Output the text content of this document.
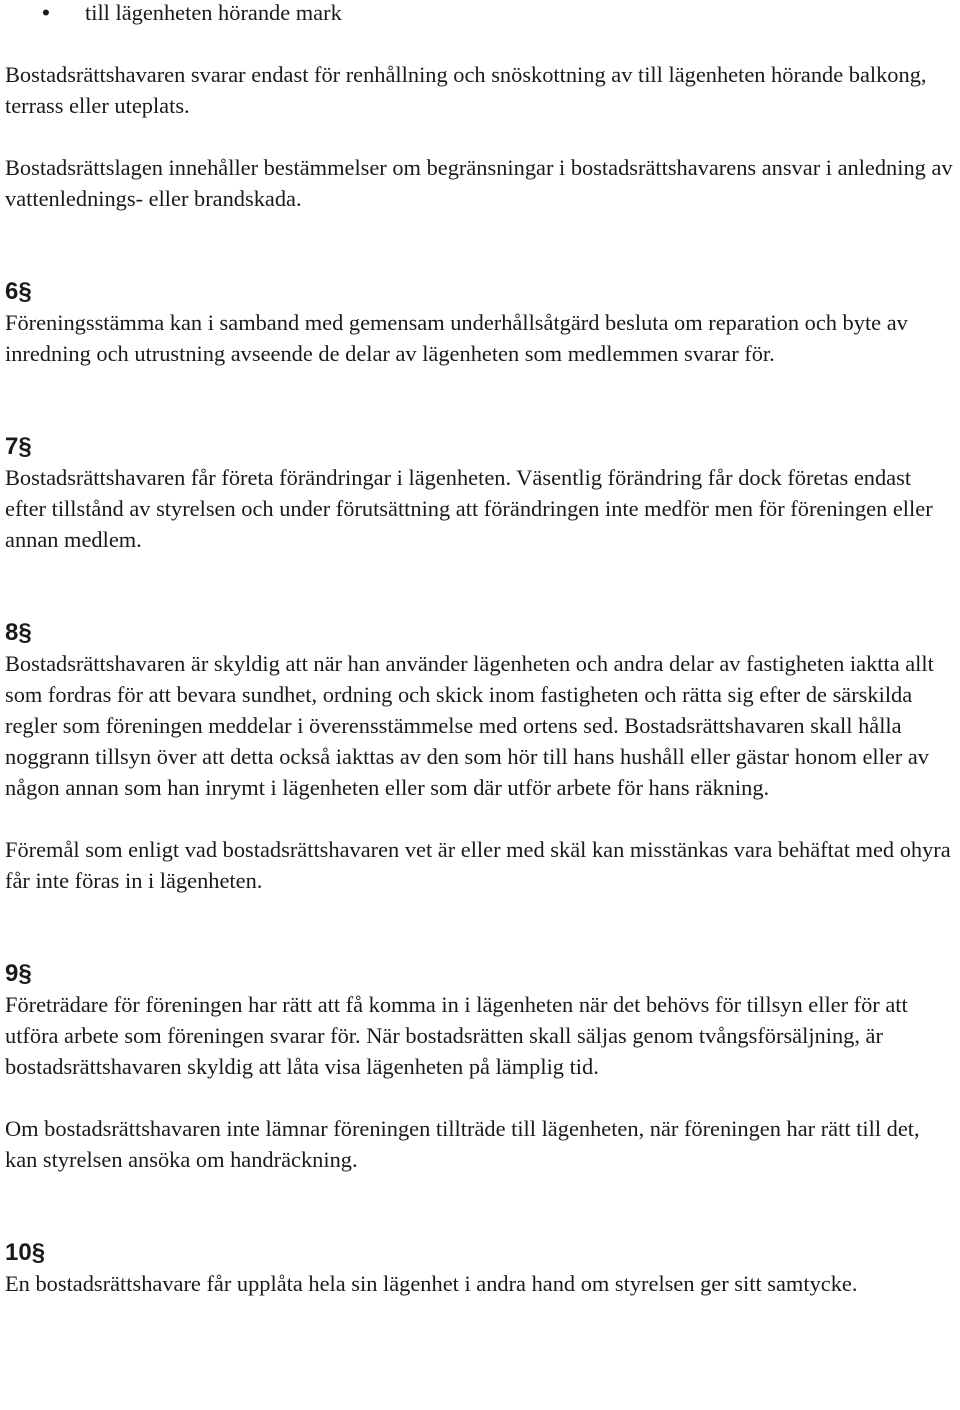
• till lägenheten hörande mark

Bostadsrättshavaren svarar endast för renhållning och snöskottning av till lägenheten hörande balkong, terrass eller uteplats.

Bostadsrättslagen innehåller bestämmelser om begränsningar i bostadsrättshavarens ansvar i anledning av vattenlednings- eller brandskada.

6§

Föreningsstämma kan i samband med gemensam underhållsåtgärd besluta om reparation och byte av inredning och utrustning avseende de delar av lägenheten som medlemmen svarar för.

7§

Bostadsrättshavaren får företa förändringar i lägenheten. Väsentlig förändring får dock företas endast efter tillstånd av styrelsen och under förutsättning att förändringen inte medför men för föreningen eller annan medlem.

8§

Bostadsrättshavaren är skyldig att när han använder lägenheten och andra delar av fastigheten iaktta allt som fordras för att bevara sundhet, ordning och skick inom fastigheten och rätta sig efter de särskilda regler som föreningen meddelar i överensstämmelse med ortens sed. Bostadsrättshavaren skall hålla noggrann tillsyn över att detta också iakttas av den som hör till hans hushåll eller gästar honom eller av någon annan som han inrymt i lägenheten eller som där utför arbete för hans räkning.

Föremål som enligt vad bostadsrättshavaren vet är eller med skäl kan misstänkas vara behäftat med ohyra får inte föras in i lägenheten.

9§

Företrädare för föreningen har rätt att få komma in i lägenheten när det behövs för tillsyn eller för att utföra arbete som föreningen svarar för. När bostadsrätten skall säljas genom tvångsförsäljning, är bostadsrättshavaren skyldig att låta visa lägenheten på lämplig tid.

Om bostadsrättshavaren inte lämnar föreningen tillträde till lägenheten, när föreningen har rätt till det, kan styrelsen ansöka om handräckning.

10§

En bostadsrättshavare får upplåta hela sin lägenhet i andra hand om styrelsen ger sitt samtycke.
